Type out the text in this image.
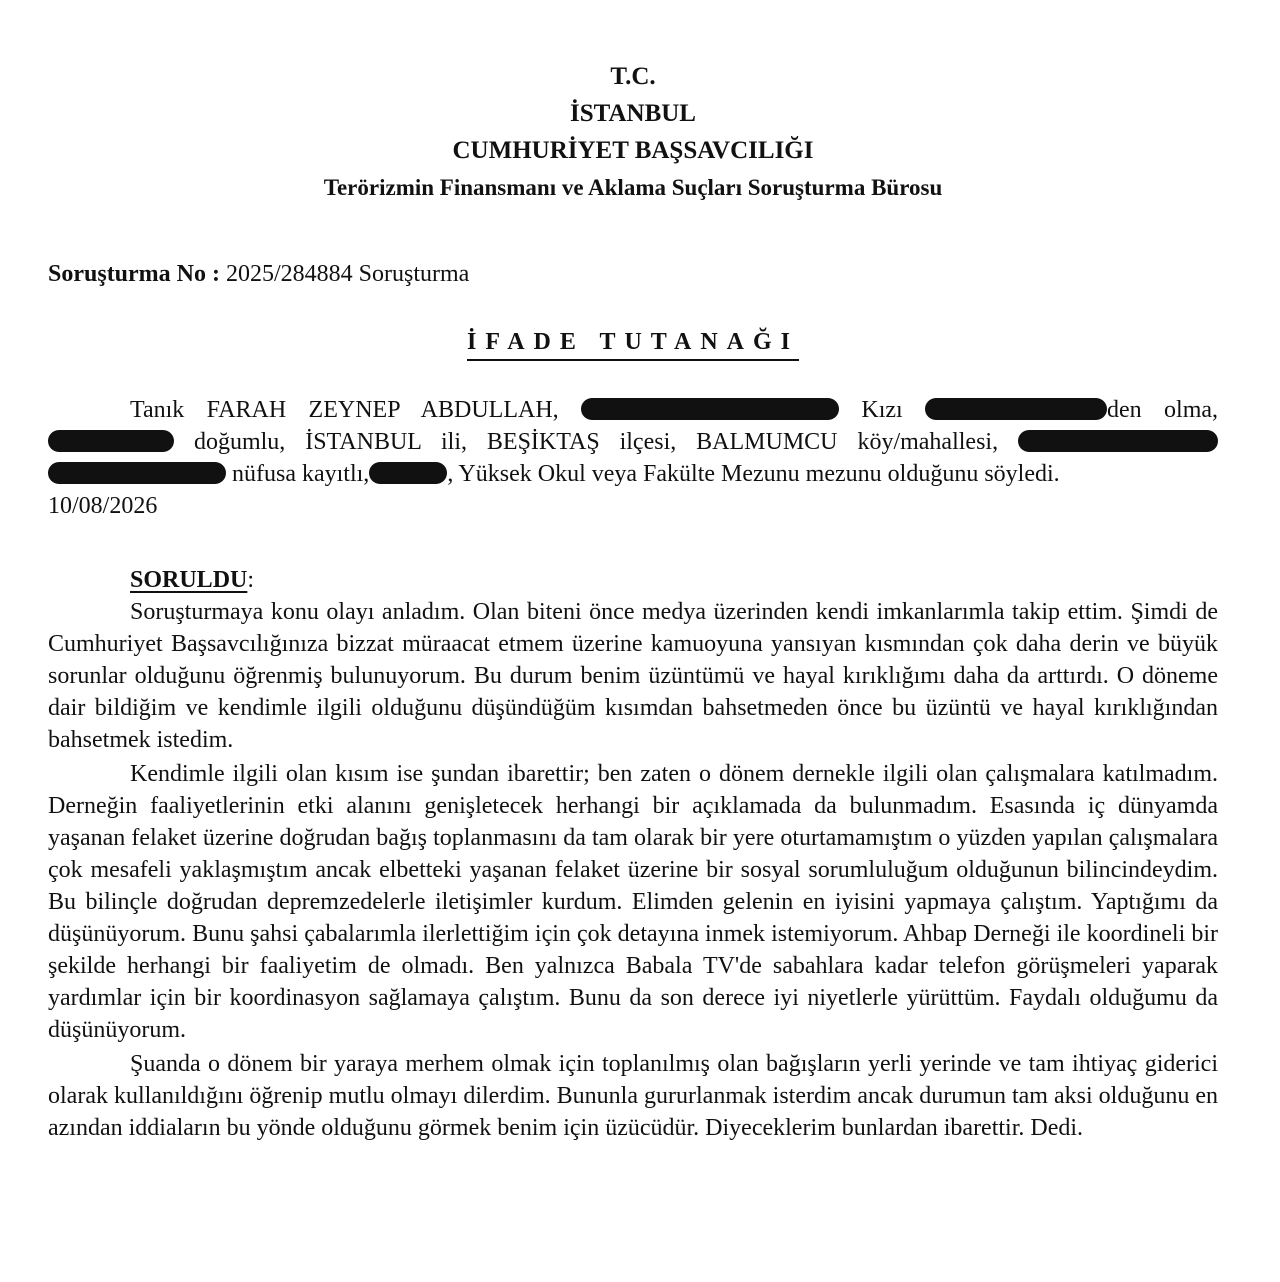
T.C.

İSTANBUL

CUMHURİYET BAŞSAVCILIĞI

Terörizmin Finansmanı ve Aklama Suçları Soruşturma Bürosu

Soruşturma No : 2025/284884 Soruşturma
İFADE TUTANAĞI

Tanık FARAH ZEYNEP ABDULLAH,	Kızı	den olma,  doğumlu, İSTANBUL ili, BEŞİKTAŞ ilçesi, BALMUMCU köy/mahallesi,   nüfusa kayıtlı,	, Yüksek Okul veya Fakülte Mezunu mezunu olduğunu söyledi.
10/08/2026

SORULDU:

Soruşturmaya konu olayı anladım. Olan biteni önce medya üzerinden kendi imkanlarımla takip ettim. Şimdi de Cumhuriyet Başsavcılığınıza bizzat müraacat etmem üzerine kamuoyuna yansıyan kısmından çok daha derin ve büyük sorunlar olduğunu öğrenmiş bulunuyorum. Bu durum benim üzüntümü ve hayal kırıklığımı daha da arttırdı. O döneme dair bildiğim ve kendimle ilgili olduğunu düşündüğüm kısımdan bahsetmeden önce bu üzüntü ve hayal kırıklığından bahsetmek istedim.

Kendimle ilgili olan kısım ise şundan ibarettir; ben zaten o dönem dernekle ilgili olan çalışmalara katılmadım. Derneğin faaliyetlerinin etki alanını genişletecek herhangi bir açıklamada da bulunmadım. Esasında iç dünyamda yaşanan felaket üzerine doğrudan bağış toplanmasını da tam olarak bir yere oturtamamıştım o yüzden yapılan çalışmalara çok mesafeli yaklaşmıştım ancak elbetteki yaşanan felaket üzerine bir sosyal sorumluluğum olduğunun bilincindeydim. Bu bilinçle doğrudan depremzedelerle iletişimler kurdum. Elimden gelenin en iyisini yapmaya çalıştım. Yaptığımı da düşünüyorum. Bunu şahsi çabalarımla ilerlettiğim için çok detayına inmek istemiyorum. Ahbap Derneği ile koordineli bir şekilde herhangi bir faaliyetim de olmadı. Ben yalnızca Babala TV'de sabahlara kadar telefon görüşmeleri yaparak yardımlar için bir koordinasyon sağlamaya çalıştım. Bunu da son derece iyi niyetlerle yürüttüm. Faydalı olduğumu da düşünüyorum.

Şuanda o dönem bir yaraya merhem olmak için toplanılmış olan bağışların yerli yerinde ve tam ihtiyaç giderici olarak kullanıldığını öğrenip mutlu olmayı dilerdim. Bununla gururlanmak isterdim ancak durumun tam aksi olduğunu en azından iddiaların bu yönde olduğunu görmek benim için üzücüdür. Diyeceklerim bunlardan ibarettir. Dedi.
